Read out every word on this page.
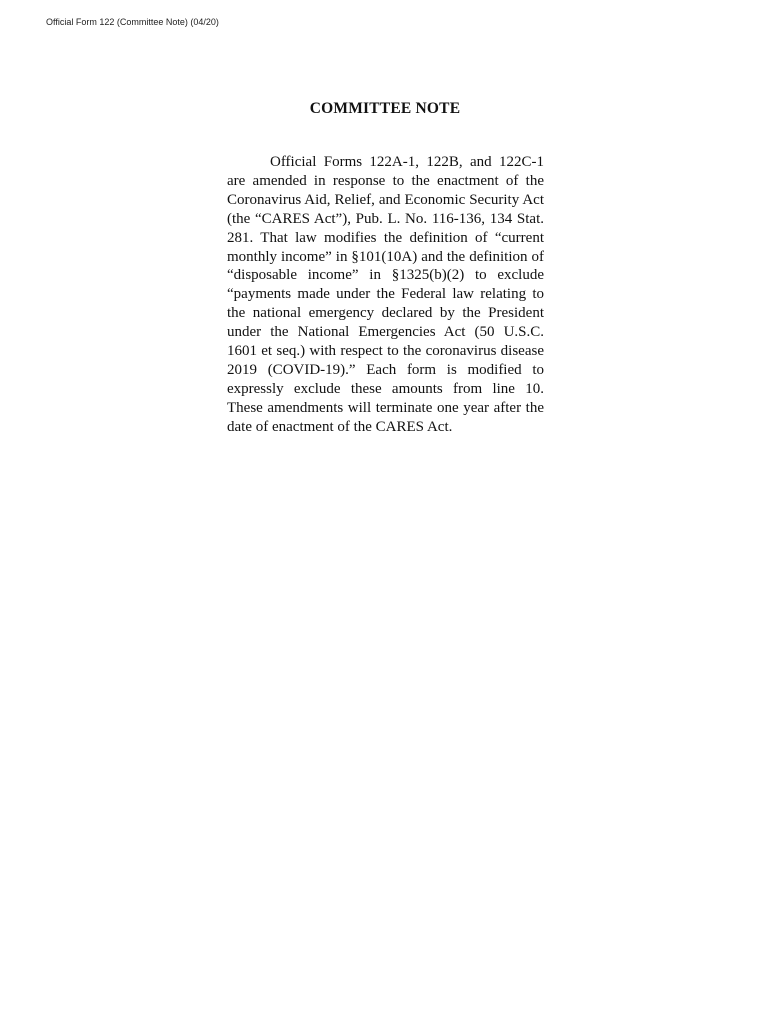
Official Form 122 (Committee Note) (04/20)
COMMITTEE NOTE

Official Forms 122A-1, 122B, and 122C-1 are amended in response to the enactment of the Coronavirus Aid, Relief, and Economic Security Act (the “CARES Act”), Pub. L. No. 116-136, 134 Stat. 281. That law modifies the definition of “current monthly income” in §101(10A) and the definition of “disposable income” in §1325(b)(2) to exclude “payments made under the Federal law relating to the national emergency declared by the President under the National Emergencies Act (50 U.S.C. 1601 et seq.) with respect to the coronavirus disease 2019 (COVID-19).” Each form is modified to expressly exclude these amounts from line 10. These amendments will terminate one year after the date of enactment of the CARES Act.
